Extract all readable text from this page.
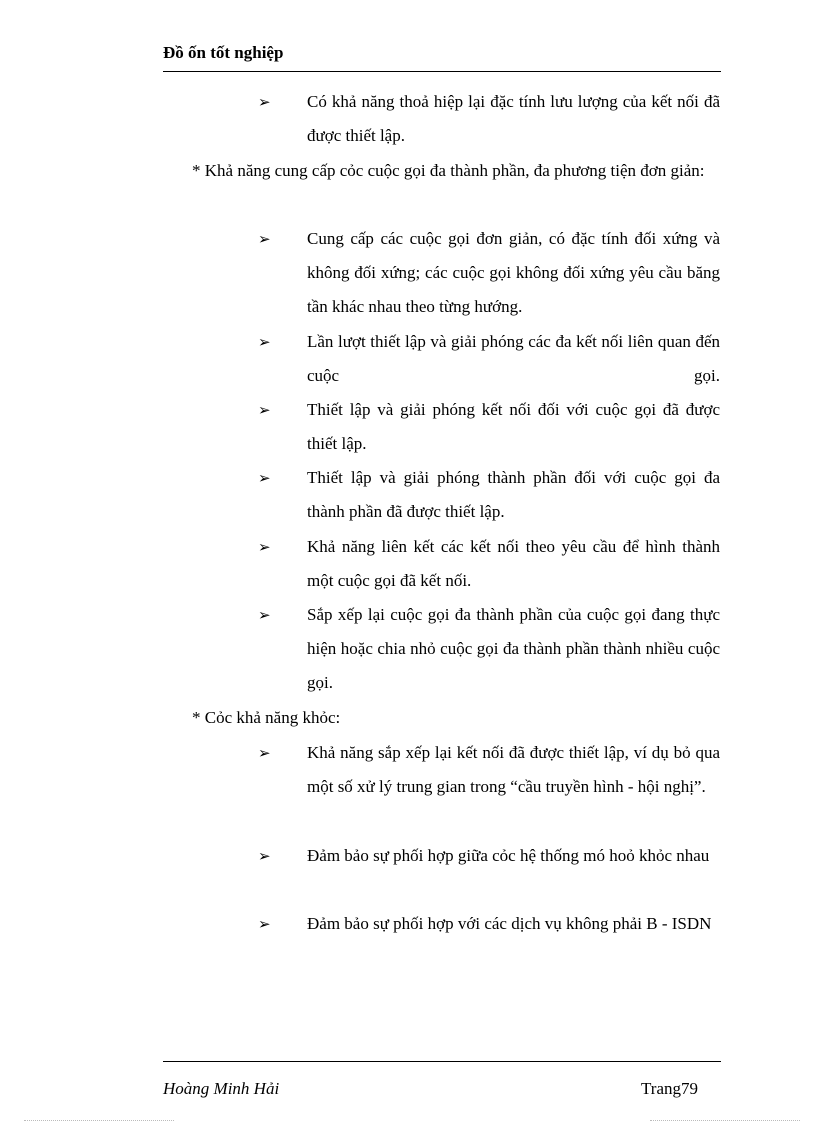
Đồ ốn tốt nghiệp
➢	Có khả năng thoả hiệp lại đặc tính lưu lượng của kết nối đã được thiết lập.
* Khả năng cung cấp cỏc cuộc gọi đa thành phần, đa phương tiện đơn giản:
➢	Cung cấp các cuộc gọi đơn giản, có đặc tính đối xứng và không đối xứng; các cuộc gọi không đối xứng yêu cầu băng tần khác nhau theo từng hướng.
➢	Lần lượt thiết lập và giải phóng các đa kết nối liên quan đến cuộc gọi.
➢	Thiết lập và giải phóng kết nối đối với cuộc gọi đã được thiết lập.
➢	Thiết lập và giải phóng thành phần đối với cuộc gọi đa thành phần đã được thiết lập.
➢	Khả năng liên kết các kết nối theo yêu cầu để hình thành một cuộc gọi đã kết nối.
➢	Sắp xếp lại cuộc gọi đa thành phần của cuộc gọi đang thực hiện hoặc chia nhỏ cuộc gọi đa thành phần thành nhiều cuộc gọi.
* Cỏc khả năng khỏc:
➢	Khả năng sắp xếp lại kết nối đã được thiết lập, ví dụ bỏ qua một số xử lý trung gian trong “cầu truyền hình - hội nghị”.
➢	Đảm bảo sự phối hợp giữa cỏc hệ thống mó hoỏ khỏc nhau
➢	Đảm bảo sự phối hợp với các dịch vụ không phải B - ISDN
Hoàng Minh Hải	Trang79
